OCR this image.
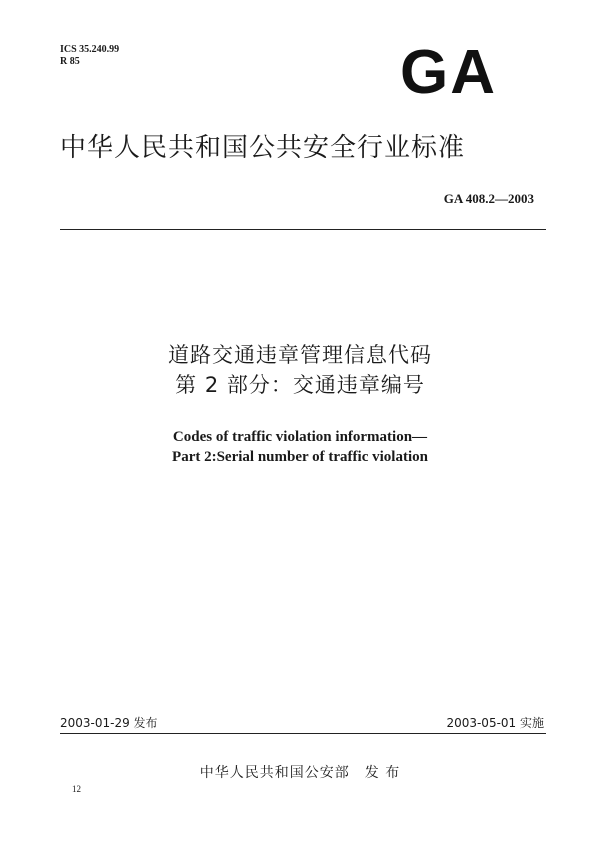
ICS 35.240.99
R 85	GA
中华人民共和国公共安全行业标准
GA 408.2—2003
道路交通违章管理信息代码
第 2 部分：交通违章编号
Codes of traffic violation information—
Part 2:Serial number of traffic violation
2003-01-29 发布	2003-05-01 实施
中华人民共和国公安部　发 布
12
